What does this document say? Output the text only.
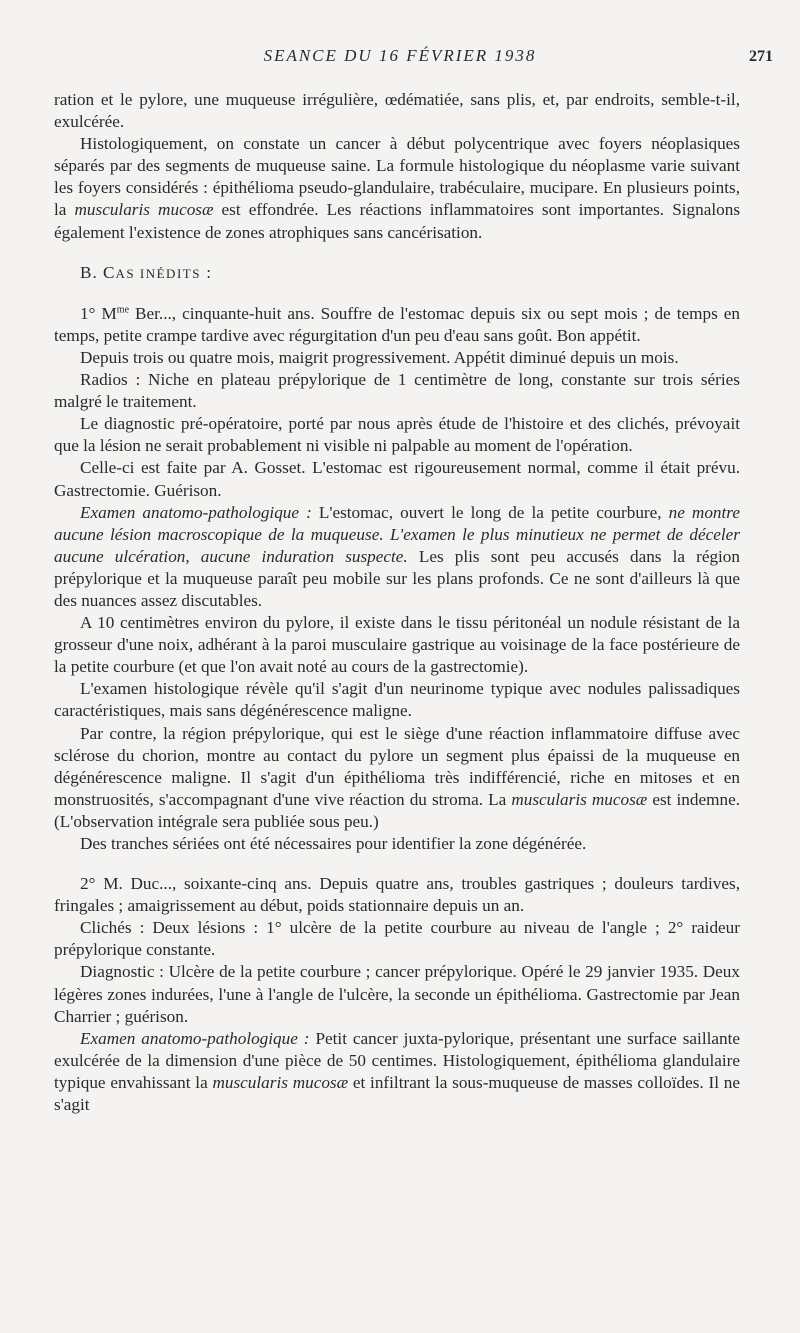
SEANCE DU 16 FÉVRIER 1938	271

ration et le pylore, une muqueuse irrégulière, œdématiée, sans plis, et, par endroits, semble-t-il, exulcérée.

Histologiquement, on constate un cancer à début polycentrique avec foyers néoplasiques séparés par des segments de muqueuse saine. La formule histologique du néoplasme varie suivant les foyers considérés : épithélioma pseudo-glandulaire, trabéculaire, mucipare. En plusieurs points, la muscularis mucosæ est effondrée. Les réactions inflammatoires sont importantes. Signalons également l'existence de zones atrophiques sans cancérisation.

B. CAS INÉDITS :

1° $M^{me}$ Ber..., cinquante-huit ans. Souffre de l'estomac depuis six ou sept mois ; de temps en temps, petite crampe tardive avec régurgitation d'un peu d'eau sans goût. Bon appétit.

Depuis trois ou quatre mois, maigrit progressivement. Appétit diminué depuis un mois.

Radios : Niche en plateau prépylorique de 1 centimètre de long, constante sur trois séries malgré le traitement.

Le diagnostic pré-opératoire, porté par nous après étude de l'histoire et des clichés, prévoyait que la lésion ne serait probablement ni visible ni palpable au moment de l'opération.

Celle-ci est faite par A. Gosset. L'estomac est rigoureusement normal, comme il était prévu. Gastrectomie. Guérison.

Examen anatomo-pathologique : L'estomac, ouvert le long de la petite courbure, ne montre aucune lésion macroscopique de la muqueuse. L'examen le plus minutieux ne permet de déceler aucune ulcération, aucune induration suspecte. Les plis sont peu accusés dans la région prépylorique et la muqueuse paraît peu mobile sur les plans profonds. Ce ne sont d'ailleurs là que des nuances assez discutables.

A 10 centimètres environ du pylore, il existe dans le tissu péritonéal un nodule résistant de la grosseur d'une noix, adhérant à la paroi musculaire gastrique au voisinage de la face postérieure de la petite courbure (et que l'on avait noté au cours de la gastrectomie).

L'examen histologique révèle qu'il s'agit d'un neurinome typique avec nodules palissadiques caractéristiques, mais sans dégénérescence maligne.

Par contre, la région prépylorique, qui est le siège d'une réaction inflammatoire diffuse avec sclérose du chorion, montre au contact du pylore un segment plus épaissi de la muqueuse en dégénérescence maligne. Il s'agit d'un épithélioma très indifférencié, riche en mitoses et en monstruosités, s'accompagnant d'une vive réaction du stroma. La muscularis mucosæ est indemne. (L'observation intégrale sera publiée sous peu.)

Des tranches sériées ont été nécessaires pour identifier la zone dégénérée.

2° M. Duc..., soixante-cinq ans. Depuis quatre ans, troubles gastriques ; douleurs tardives, fringales ; amaigrissement au début, poids stationnaire depuis un an.

Clichés : Deux lésions : 1° ulcère de la petite courbure au niveau de l'angle ; 2° raideur prépylorique constante.

Diagnostic : Ulcère de la petite courbure ; cancer prépylorique. Opéré le 29 janvier 1935. Deux légères zones indurées, l'une à l'angle de l'ulcère, la seconde un épithélioma. Gastrectomie par Jean Charrier ; guérison.

Examen anatomo-pathologique : Petit cancer juxta-pylorique, présentant une surface saillante exulcérée de la dimension d'une pièce de 50 centimes. Histologiquement, épithélioma glandulaire typique envahissant la muscularis mucosæ et infiltrant la sous-muqueuse de masses colloïdes. Il ne s'agit
